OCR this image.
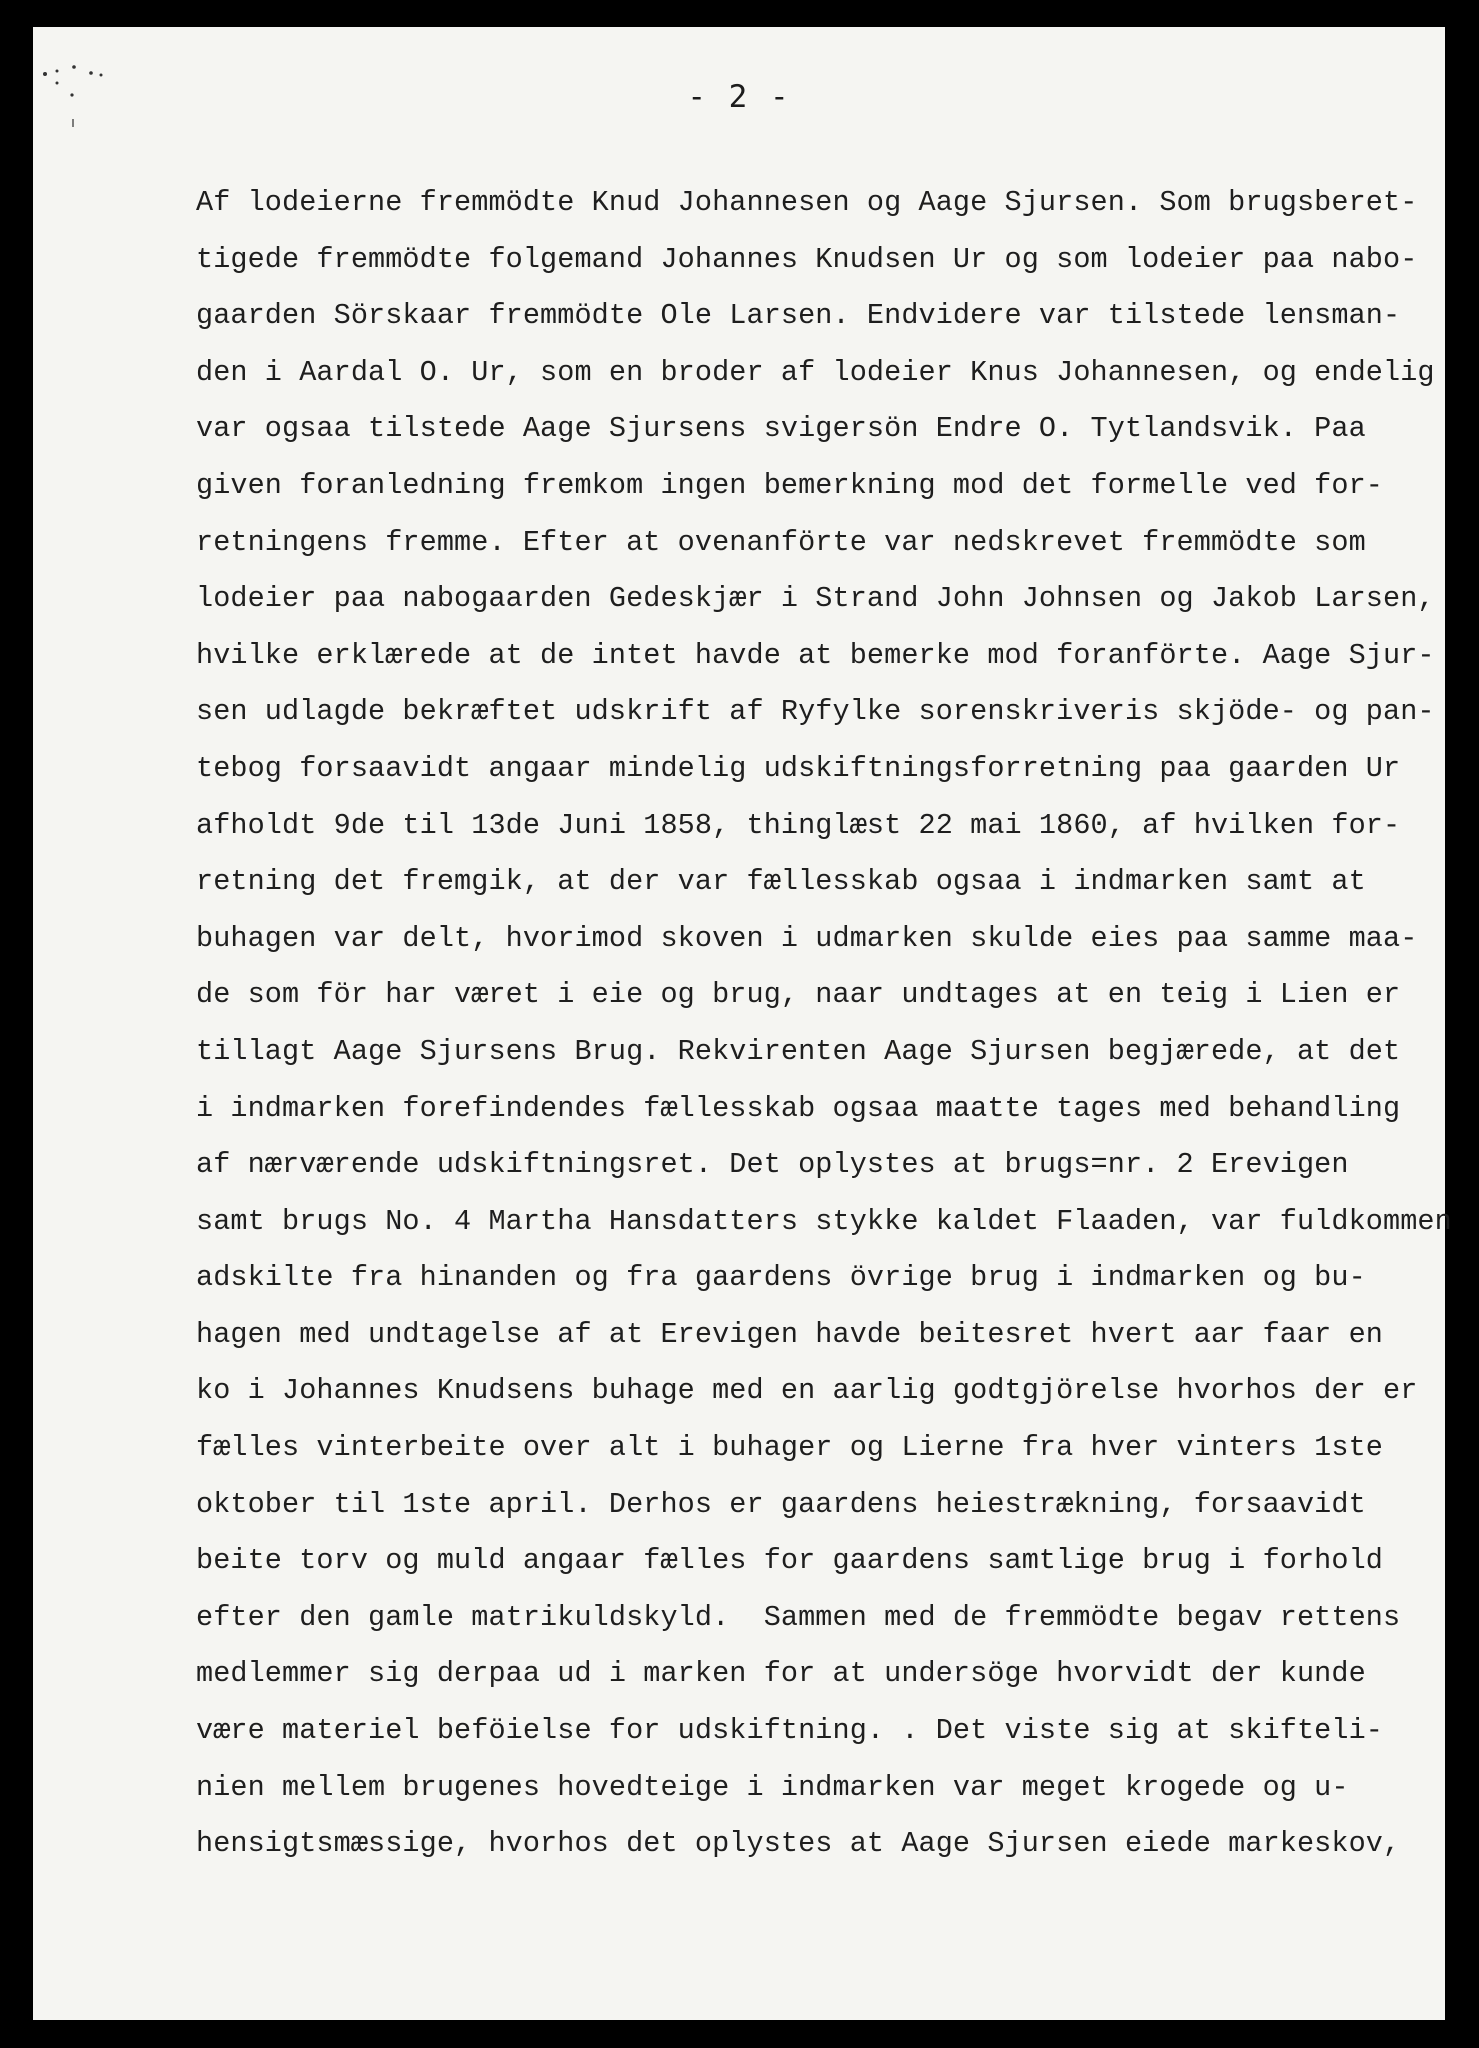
- 2 -
Af lodeierne fremmödte Knud Johannesen og Aage Sjursen. Som brugsberet-
tigede fremmödte folgemand Johannes Knudsen Ur og som lodeier paa nabo-
gaarden Sörskaar fremmödte Ole Larsen. Endvidere var tilstede lensman-
den i Aardal O. Ur, som en broder af lodeier Knus Johannesen, og endelig
var ogsaa tilstede Aage Sjursens svigersön Endre O. Tytlandsvik. Paa
given foranledning fremkom ingen bemerkning mod det formelle ved for-
retningens fremme. Efter at ovenanförte var nedskrevet fremmödte som
lodeier paa nabogaarden Gedeskjær i Strand John Johnsen og Jakob Larsen,
hvilke erklærede at de intet havde at bemerke mod foranförte. Aage Sjur-
sen udlagde bekræftet udskrift af Ryfylke sorenskriveris skjöde- og pan-
tebog forsaavidt angaar mindelig udskiftningsforretning paa gaarden Ur
afholdt 9de til 13de Juni 1858, thinglæst 22 mai 1860, af hvilken for-
retning det fremgik, at der var fællesskab ogsaa i indmarken samt at
buhagen var delt, hvorimod skoven i udmarken skulde eies paa samme maa-
de som för har været i eie og brug, naar undtages at en teig i Lien er
tillagt Aage Sjursens Brug. Rekvirenten Aage Sjursen begjærede, at det
i indmarken forefindendes fællesskab ogsaa maatte tages med behandling
af nærværende udskiftningsret. Det oplystes at brugs=nr. 2 Erevigen
samt brugs No. 4 Martha Hansdatters stykke kaldet Flaaden, var fuldkommen
adskilte fra hinanden og fra gaardens övrige brug i indmarken og bu-
hagen med undtagelse af at Erevigen havde beitesret hvert aar faar en
ko i Johannes Knudsens buhage med en aarlig godtgjörelse hvorhos der er
fælles vinterbeite over alt i buhager og Lierne fra hver vinters 1ste
oktober til 1ste april. Derhos er gaardens heiestrækning, forsaavidt
beite torv og muld angaar fælles for gaardens samtlige brug i forhold
efter den gamle matrikuldskyld.  Sammen med de fremmödte begav rettens
medlemmer sig derpaa ud i marken for at undersöge hvorvidt der kunde
være materiel beföielse for udskiftning. . Det viste sig at skifteli-
nien mellem brugenes hovedteige i indmarken var meget krogede og u-
hensigtsmæssige, hvorhos det oplystes at Aage Sjursen eiede markeskov,
